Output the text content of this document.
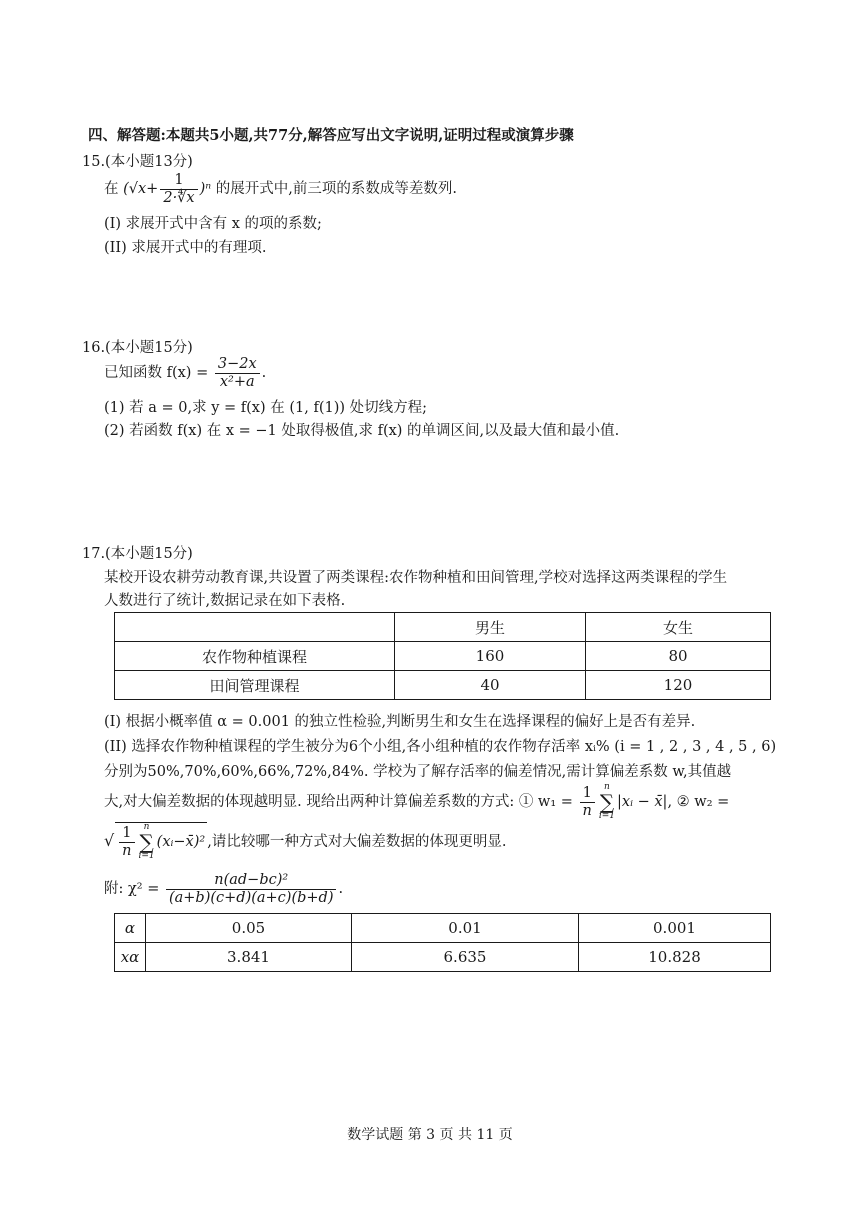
四、解答题:本题共5小题,共77分,解答应写出文字说明,证明过程或演算步骤
15.(本小题13分)
在 $(√x+ \frac{1}{2\cdot∜x} )^n$ 的展开式中,前三项的系数成等差数列.
(I) 求展开式中含有 x 的项的系数;
(II) 求展开式中的有理项.
16.(本小题15分)
已知函数 $f(x) = \frac{3-2x}{\text{x²+a}}$ .
(1) 若 a = 0,求 y = f(x) 在 (1, f(1)) 处切线方程;
(2) 若函数 f(x) 在 x = −1 处取得极值,求 f(x) 的单调区间,以及最大值和最小值.
17.(本小题15分)
某校开设农耕劳动教育课,共设置了两类课程:农作物种植和田间管理,学校对选择这两类课程的学生
人数进行了统计,数据记录在如下表格.
	男生	女生
农作物种植课程	160	80
田间管理课程	40	120
(I) 根据小概率值 α = 0.001 的独立性检验,判断男生和女生在选择课程的偏好上是否有差异.
(II) 选择农作物种植课程的学生被分为6个小组,各小组种植的农作物存活率 xᵢ% (i = 1 , 2 , 3 , 4 , 5 , 6)
分别为50%,70%,60%,66%,72%,84%. 学校为了解存活率的偏差情况,需计算偏差系数 w,其值越
大,对大偏差数据的体现越明显. 现给出两种计算偏差系数的方式: ① $w_1 = \frac{1}{n}$	n
∑
i=1
|xᵢ − x̄|, ② w₂ =
√ $\frac{1}{n}$	n
∑
i=1
(xᵢ−x̄)² ,请比较哪一种方式对大偏差数据的体现更明显.
附: $\chi^2 = \frac{\text{n(ad−bc)²}}{(a+b)(c+d)(a+c)(b+d)}$ .
α	0.05	0.01	0.001
xα	3.841	6.635	10.828
数学试题 第 3 页 共 11 页
